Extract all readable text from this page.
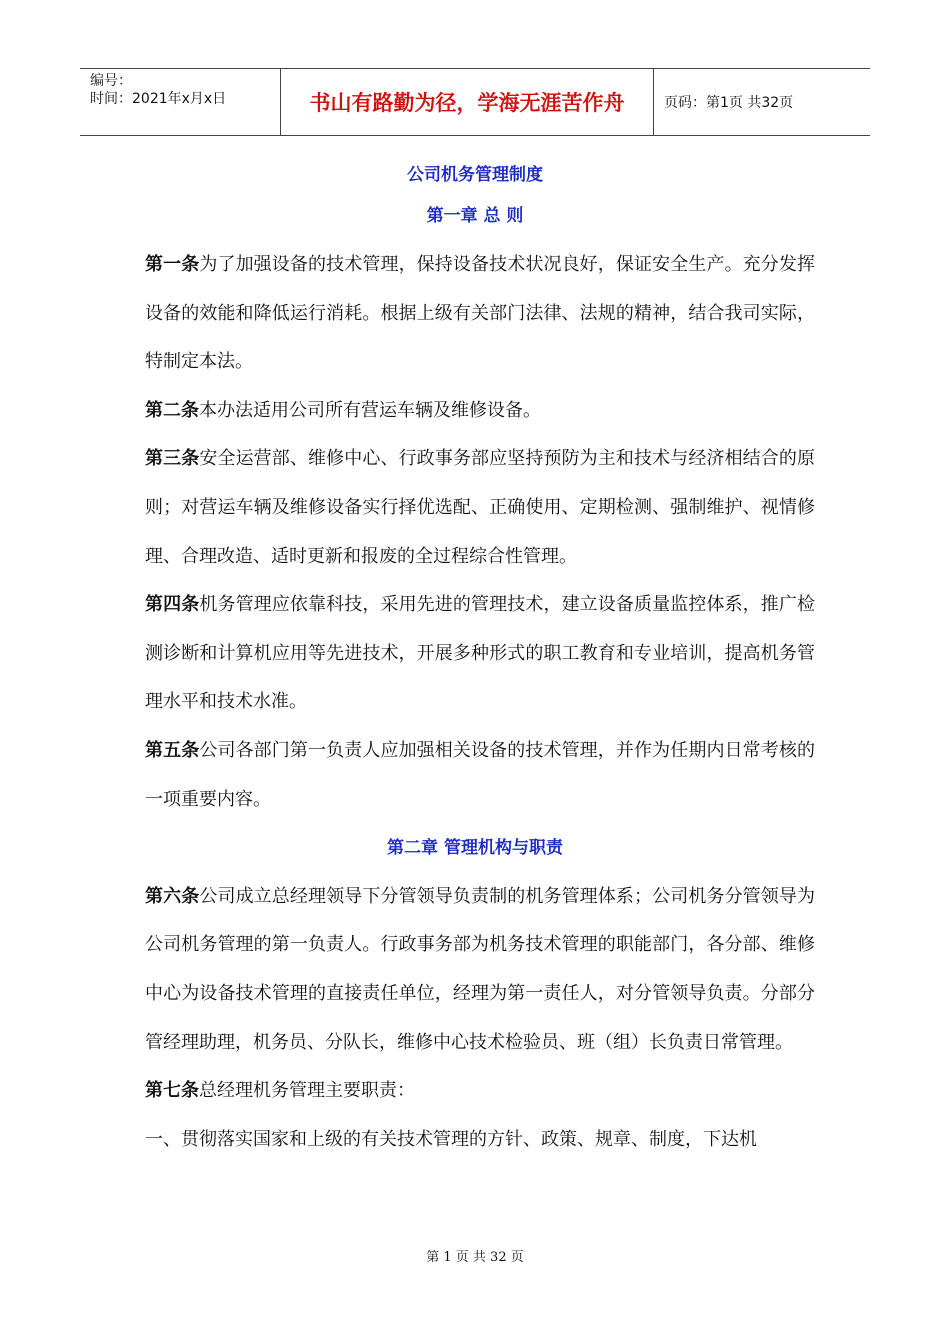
编号：
时间：2021年x月x日	书山有路勤为径，学海无涯苦作舟	页码：第1页 共32页
公司机务管理制度
第一章 总 则

第一条为了加强设备的技术管理，保持设备技术状况良好，保证安全生产。充分发挥设备的效能和降低运行消耗。根据上级有关部门法律、法规的精神，结合我司实际，特制定本法。

第二条本办法适用公司所有营运车辆及维修设备。

第三条安全运营部、维修中心、行政事务部应坚持预防为主和技术与经济相结合的原则；对营运车辆及维修设备实行择优选配、正确使用、定期检测、强制维护、视情修理、合理改造、适时更新和报废的全过程综合性管理。

第四条机务管理应依靠科技，采用先进的管理技术，建立设备质量监控体系，推广检测诊断和计算机应用等先进技术，开展多种形式的职工教育和专业培训，提高机务管理水平和技术水准。

第五条公司各部门第一负责人应加强相关设备的技术管理，并作为任期内日常考核的一项重要内容。

第二章 管理机构与职责

第六条公司成立总经理领导下分管领导负责制的机务管理体系；公司机务分管领导为公司机务管理的第一负责人。行政事务部为机务技术管理的职能部门，各分部、维修中心为设备技术管理的直接责任单位，经理为第一责任人，对分管领导负责。分部分管经理助理，机务员、分队长，维修中心技术检验员、班（组）长负责日常管理。

第七条总经理机务管理主要职责：

一、贯彻落实国家和上级的有关技术管理的方针、政策、规章、制度，下达机

第 1 页 共 32 页
